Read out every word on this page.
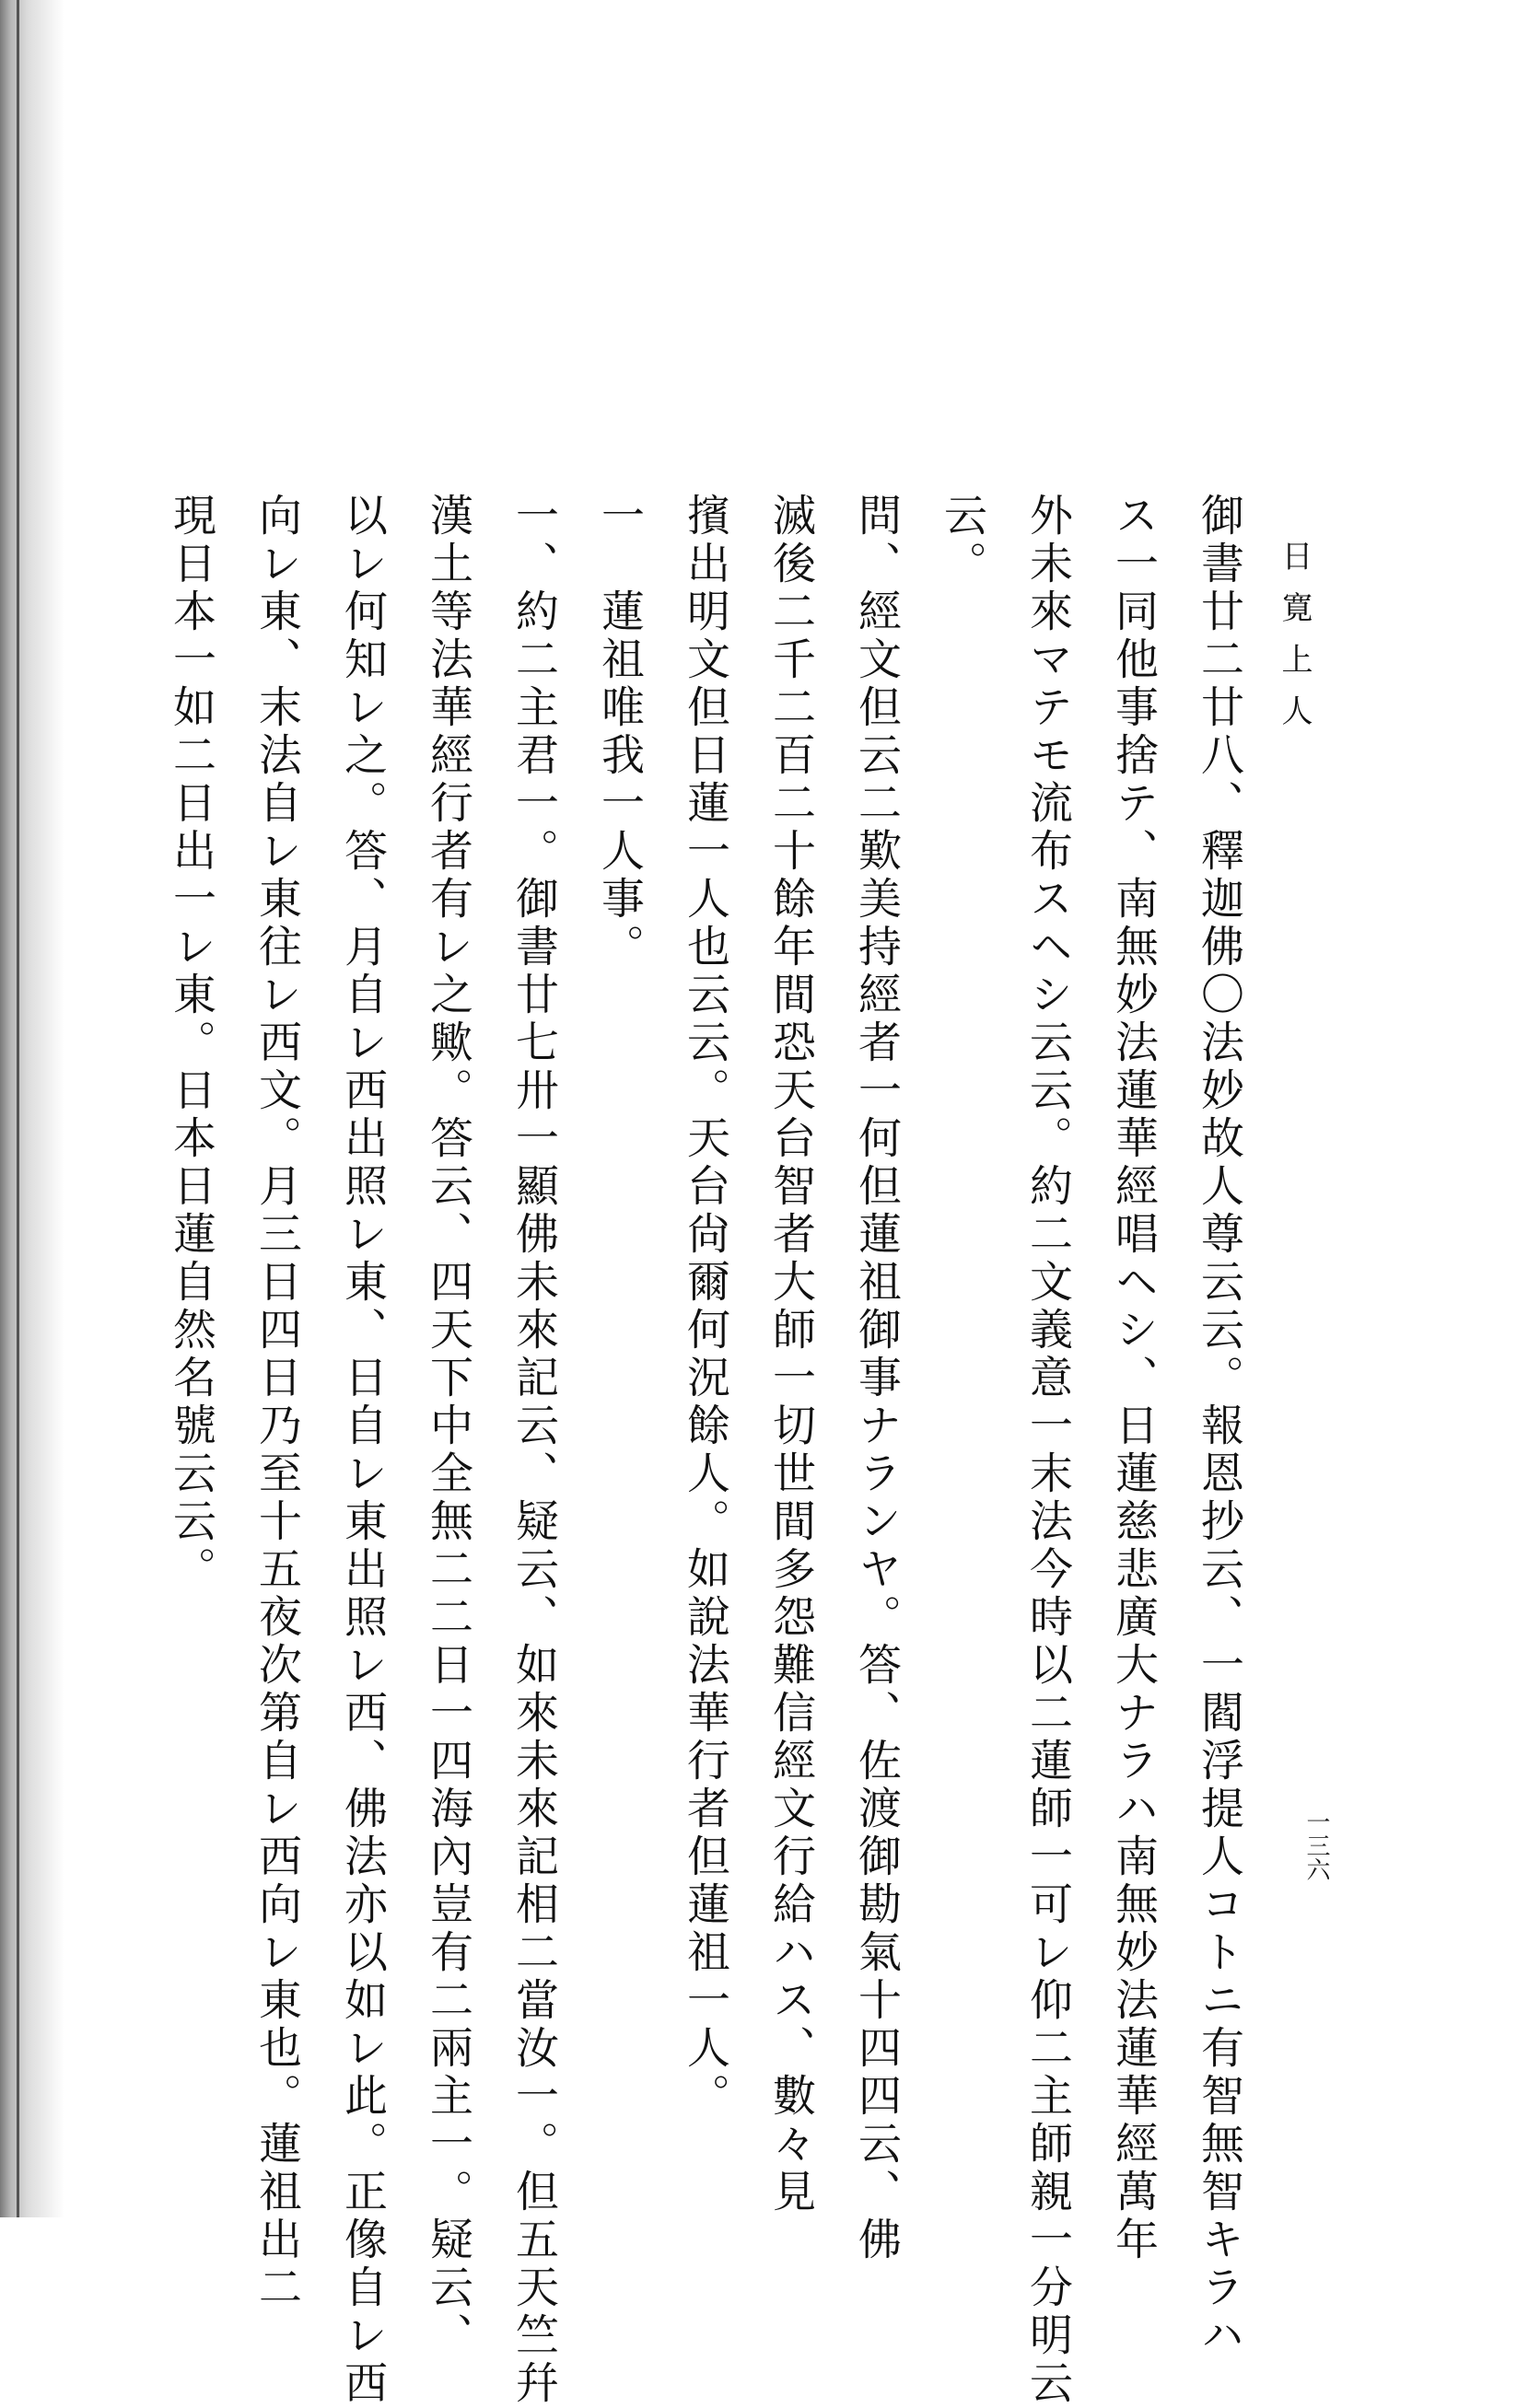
日寛上人
一三六
御書廿二廿八、釋迦佛〇法妙故人尊云云。報恩抄云、一閻浮提人コトニ有智無智キラハ
ス一同他事捨テ、南無妙法蓮華經唱ヘシ、日蓮慈悲廣大ナラハ南無妙法蓮華經萬年
外未來マテモ流布スヘシ云云。約二文義意一末法今時以二蓮師一可レ仰二主師親一分明云
云。
問、經文但云二歎美持經者一何但蓮祖御事ナランヤ。答、佐渡御勘氣十四四云、佛
滅後二千二百二十餘年間恐天台智者大師一切世間多怨難信經文行給ハス、數々見
擯出明文但日蓮一人也云云。天台尙爾何況餘人。如說法華行者但蓮祖一人。
一　蓮祖唯我一人事。
一、約二主君一。御書廿七卅一顯佛未來記云、疑云、如來未來記相二當汝一。但五天竺幷
漢土等法華經行者有レ之歟。答云、四天下中全無二二日一四海內豈有二兩主一。疑云、
以レ何知レ之。答、月自レ西出照レ東、日自レ東出照レ西、佛法亦以如レ此。正像自レ西
向レ東、末法自レ東往レ西文。月三日四日乃至十五夜次第自レ西向レ東也。蓮祖出二
現日本一如二日出一レ東。日本日蓮自然名號云云。
